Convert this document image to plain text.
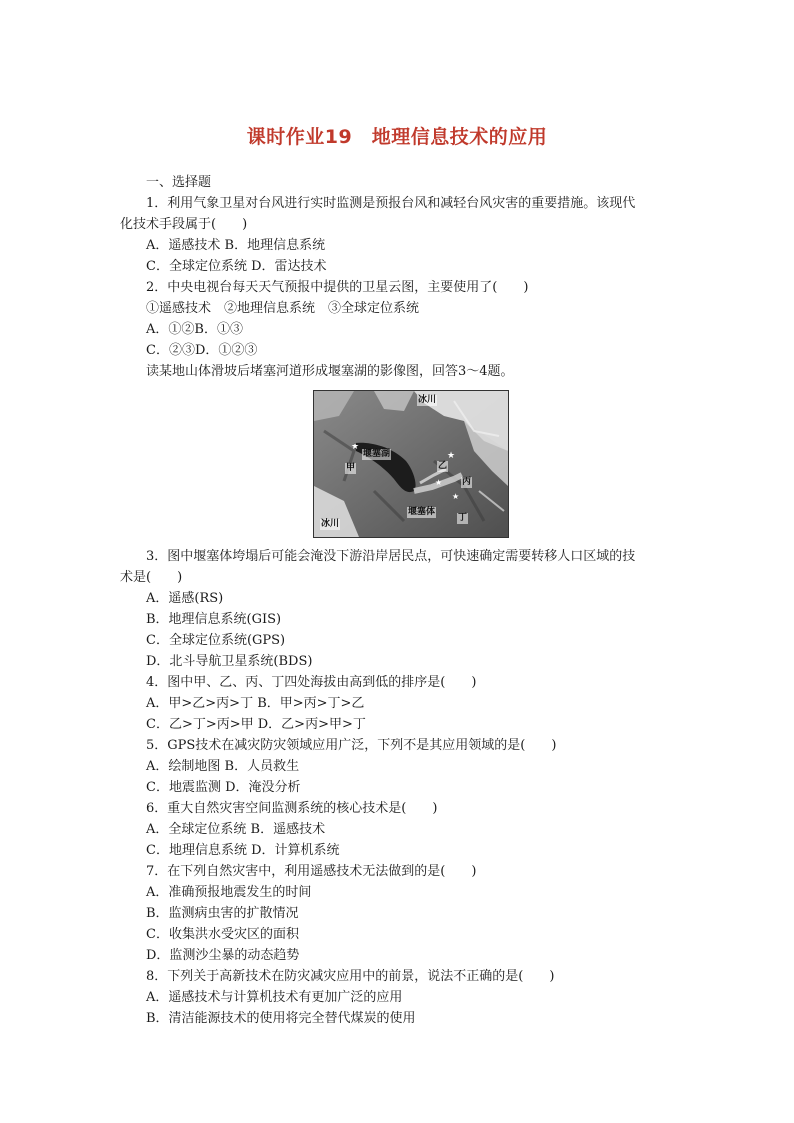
课时作业19　地理信息技术的应用
一、选择题
1．利用气象卫星对台风进行实时监测是预报台风和减轻台风灾害的重要措施。该现代
化技术手段属于(　　)
A．遥感技术 B．地理信息系统
C．全球定位系统 D．雷达技术
2．中央电视台每天天气预报中提供的卫星云图，主要使用了(　　)
①遥感技术　②地理信息系统　③全球定位系统
A．①②B．①③
C．②③D．①②③
读某地山体滑坡后堵塞河道形成堰塞湖的影像图，回答3～4题。
★
★
★
★
冰川
堰塞湖
甲	乙
丙
堰塞体
丁
冰川
3．图中堰塞体垮塌后可能会淹没下游沿岸居民点，可快速确定需要转移人口区域的技
术是(　　)
A．遥感(RS)
B．地理信息系统(GIS)
C．全球定位系统(GPS)
D．北斗导航卫星系统(BDS)
4．图中甲、乙、丙、丁四处海拔由高到低的排序是(　　)
A．甲>乙>丙>丁 B．甲>丙>丁>乙
C．乙>丁>丙>甲 D．乙>丙>甲>丁
5．GPS技术在减灾防灾领域应用广泛，下列不是其应用领域的是(　　)
A．绘制地图 B．人员救生
C．地震监测 D．淹没分析
6．重大自然灾害空间监测系统的核心技术是(　　)
A．全球定位系统 B．遥感技术
C．地理信息系统 D．计算机系统
7．在下列自然灾害中，利用遥感技术无法做到的是(　　)
A．准确预报地震发生的时间
B．监测病虫害的扩散情况
C．收集洪水受灾区的面积
D．监测沙尘暴的动态趋势
8．下列关于高新技术在防灾减灾应用中的前景，说法不正确的是(　　)
A．遥感技术与计算机技术有更加广泛的应用
B．清洁能源技术的使用将完全替代煤炭的使用
